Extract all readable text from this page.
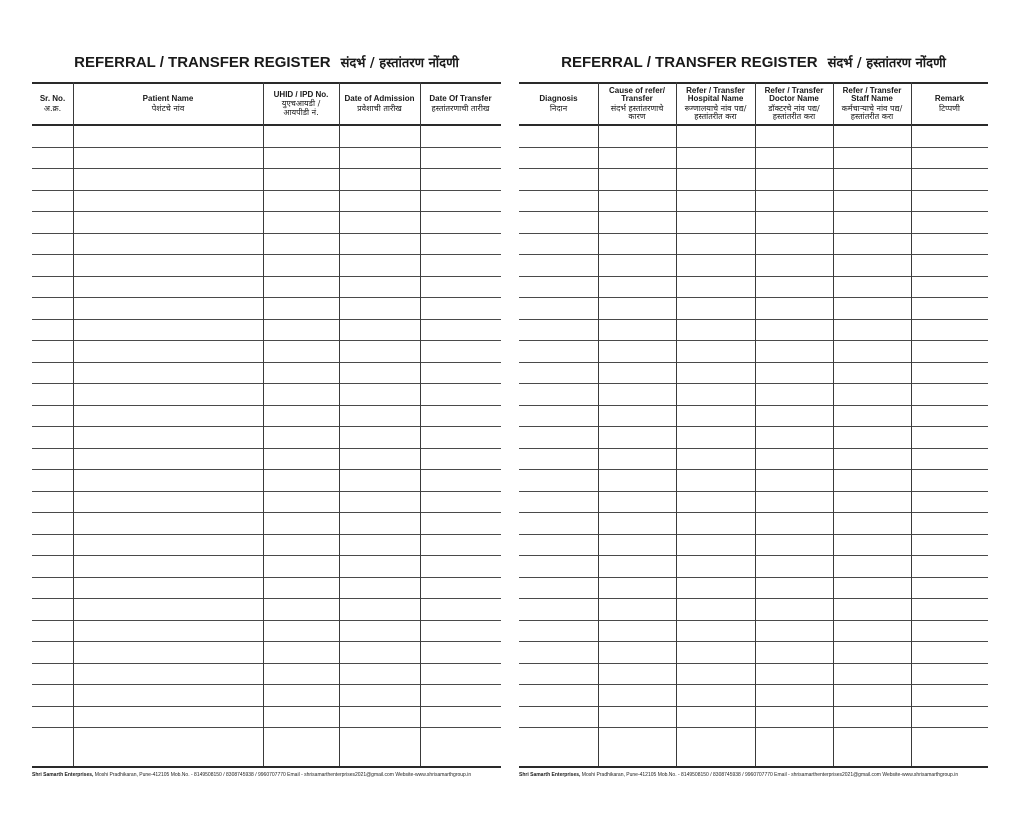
REFERRAL / TRANSFER REGISTER संदर्भ / हस्तांतरण नोंदणी
Sr. No.
अ.क्र.
Patient Name
पेशंटचे नांव
UHID / IPD No.
युएचआयडी / आयपीडी नं.
Date of Admission
प्रवेशाची तारीख
Date Of Transfer
हस्तांतरणाची तारीख
Shri Samarth Enterprises, Moshi Pradhikaran, Pune-412105 Mob.No. - 8149508150 / 8308745938 / 9960707770 Email - shrisamarthenterprises2021@gmail.com Website-www.shrisamarthgroup.in
REFERRAL / TRANSFER REGISTER संदर्भ / हस्तांतरण नोंदणी
Diagnosis
निदान
Cause of refer/ Transfer
संदर्भ हस्तांतरणाचे कारण
Refer / Transfer Hospital Name
रूग्णालयाचे नांव पद्य/हस्तांतरीत करा
Refer / Transfer Doctor Name
डॉक्टरचे नांव पद्य/हस्तांतरीत करा
Refer / Transfer Staff Name
कर्मचाऱ्याचे नांव पद्य/हस्तांतरीत करा
Remark
टिप्पणी
Shri Samarth Enterprises, Moshi Pradhikaran, Pune-412105 Mob.No. - 8149508150 / 8308745938 / 9960707770 Email - shrisamarthenterprises2021@gmail.com Website-www.shrisamarthgroup.in
